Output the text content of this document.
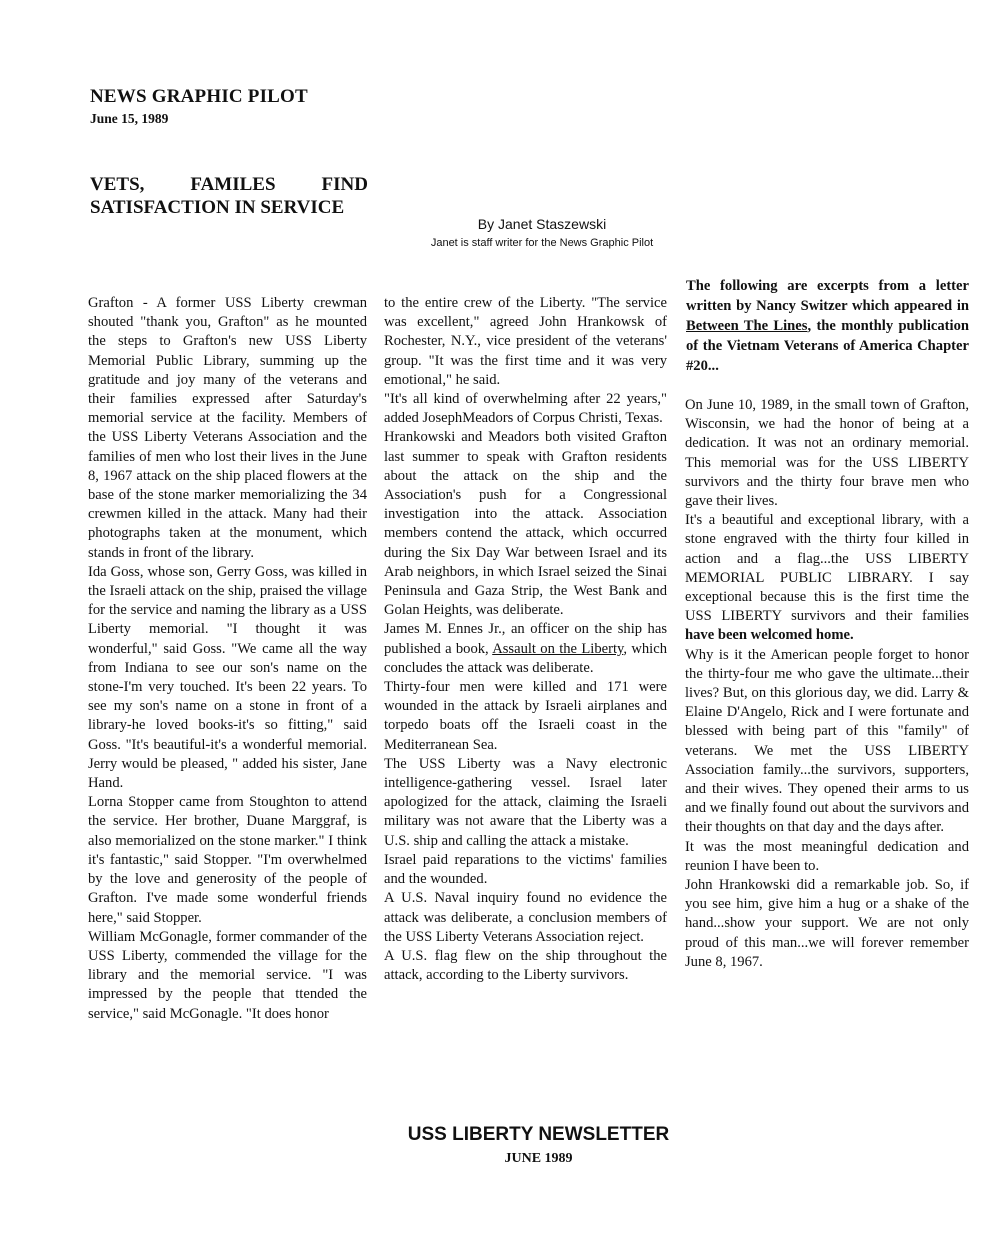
NEWS GRAPHIC PILOT
June 15, 1989
VETS, FAMILES FIND SATISFACTION IN SERVICE
By Janet Staszewski
Janet is staff writer for the News Graphic Pilot

Grafton - A former USS Liberty crewman shouted "thank you, Grafton" as he mounted the steps to Grafton's new USS Liberty Memorial Public Library, summing up the gratitude and joy many of the veterans and their families expressed after Saturday's memorial service at the facility. Members of the USS Liberty Veterans Association and the families of men who lost their lives in the June 8, 1967 attack on the ship placed flowers at the base of the stone marker memorializing the 34 crewmen killed in the attack. Many had their photographs taken at the monument, which stands in front of the library.

Ida Goss, whose son, Gerry Goss, was killed in the Israeli attack on the ship, praised the village for the service and naming the library as a USS Liberty memorial. "I thought it was wonderful," said Goss. "We came all the way from Indiana to see our son's name on the stone-I'm very touched. It's been 22 years. To see my son's name on a stone in front of a library-he loved books-it's so fitting," said Goss. "It's beautiful-it's a wonderful memorial. Jerry would be pleased, " added his sister, Jane Hand.

Lorna Stopper came from Stoughton to attend the service. Her brother, Duane Marggraf, is also memorialized on the stone marker." I think it's fantastic," said Stopper. "I'm overwhelmed by the love and generosity of the people of Grafton. I've made some wonderful friends here," said Stopper.

William McGonagle, former commander of the USS Liberty, commended the village for the library and the memorial service. "I was impressed by the people that ttended the service," said McGonagle. "It does honor

to the entire crew of the Liberty. "The service was excellent," agreed John Hrankowsk of Rochester, N.Y., vice president of the veterans' group. "It was the first time and it was very emotional," he said.

"It's all kind of overwhelming after 22 years," added JosephMeadors of Corpus Christi, Texas.

Hrankowski and Meadors both visited Grafton last summer to speak with Grafton residents about the attack on the ship and the Association's push for a Congressional investigation into the attack. Association members contend the attack, which occurred during the Six Day War between Israel and its Arab neighbors, in which Israel seized the Sinai Peninsula and Gaza Strip, the West Bank and Golan Heights, was deliberate.

James M. Ennes Jr., an officer on the ship has published a book, Assault on the Liberty, which concludes the attack was deliberate.

Thirty-four men were killed and 171 were wounded in the attack by Israeli airplanes and torpedo boats off the Israeli coast in the Mediterranean Sea.

The USS Liberty was a Navy electronic intelligence-gathering vessel. Israel later apologized for the attack, claiming the Israeli military was not aware that the Liberty was a U.S. ship and calling the attack a mistake.

Israel paid reparations to the victims' families and the wounded.

A U.S. Naval inquiry found no evidence the attack was deliberate, a conclusion members of the USS Liberty Veterans Association reject.

A U.S. flag flew on the ship throughout the attack, according to the Liberty survivors.

The following are excerpts from a letter written by Nancy Switzer which appeared in Between The Lines, the monthly publication of the Vietnam Veterans of America Chapter #20...

On June 10, 1989, in the small town of Grafton, Wisconsin, we had the honor of being at a dedication. It was not an ordinary memorial. This memorial was for the USS LIBERTY survivors and the thirty four brave men who gave their lives.

It's a beautiful and exceptional library, with a stone engraved with the thirty four killed in action and a flag...the USS LIBERTY MEMORIAL PUBLIC LIBRARY. I say exceptional because this is the first time the USS LIBERTY survivors and their families have been welcomed home.

Why is it the American people forget to honor the thirty-four me who gave the ultimate...their lives? But, on this glorious day, we did. Larry & Elaine D'Angelo, Rick and I were fortunate and blessed with being part of this "family" of veterans. We met the USS LIBERTY Association family...the survivors, supporters, and their wives. They opened their arms to us and we finally found out about the survivors and their thoughts on that day and the days after.

It was the most meaningful dedication and reunion I have been to.

John Hrankowski did a remarkable job. So, if you see him, give him a hug or a shake of the hand...show your support. We are not only proud of this man...we will forever remember June 8, 1967.

USS LIBERTY NEWSLETTER
JUNE 1989
